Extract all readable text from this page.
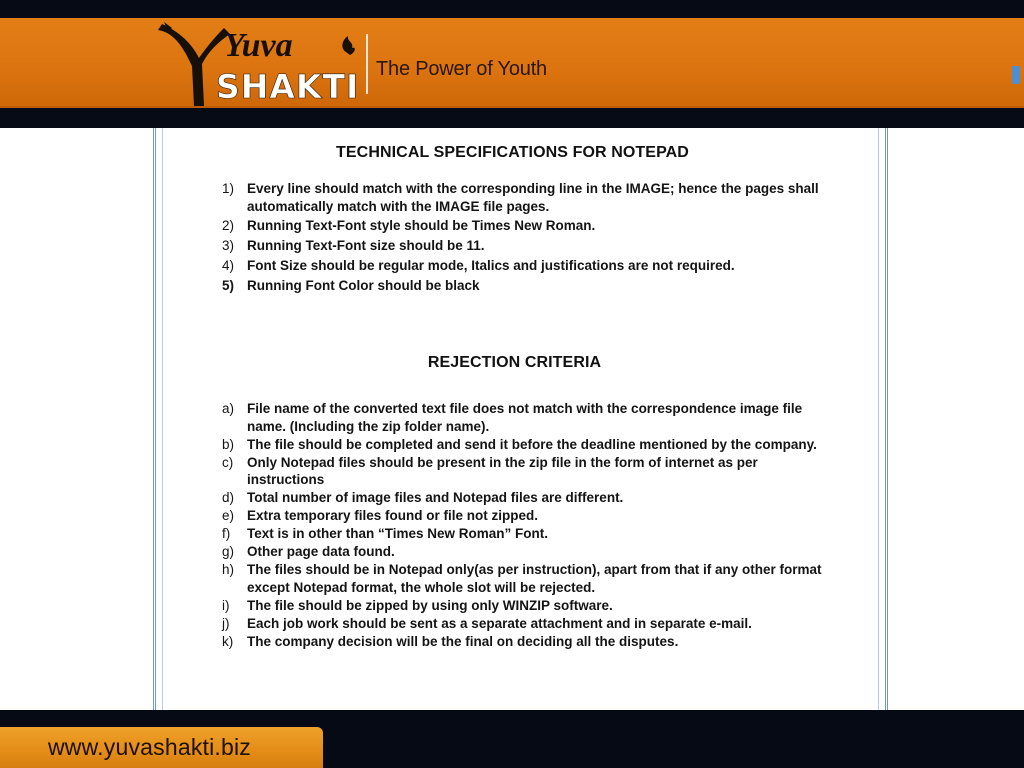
Yuva
SHAKTI The Power of Youth
TECHNICAL SPECIFICATIONS FOR NOTEPAD
1) Every line should match with the corresponding line in the IMAGE; hence the pages shall automatically match with the IMAGE file pages.
2) Running Text-Font style should be Times New Roman.
3) Running Text-Font size should be 11.
4) Font Size should be regular mode, Italics and justifications are not required.
5) Running Font Color should be black
REJECTION CRITERIA
a) File name of the converted text file does not match with the correspondence image file name. (Including the zip folder name).
b) The file should be completed and send it before the deadline mentioned by the company.
c) Only Notepad files should be present in the zip file in the form of internet as per instructions
d) Total number of image files and Notepad files are different.
e) Extra temporary files found or file not zipped.
f) Text is in other than “Times New Roman” Font.
g) Other page data found.
h) The files should be in Notepad only(as per instruction), apart from that if any other format except Notepad format, the whole slot will be rejected.
i) The file should be zipped by using only WINZIP software.
j) Each job work should be sent as a separate attachment and in separate e-mail.
k) The company decision will be the final on deciding all the disputes.
www.yuvashakti.biz
